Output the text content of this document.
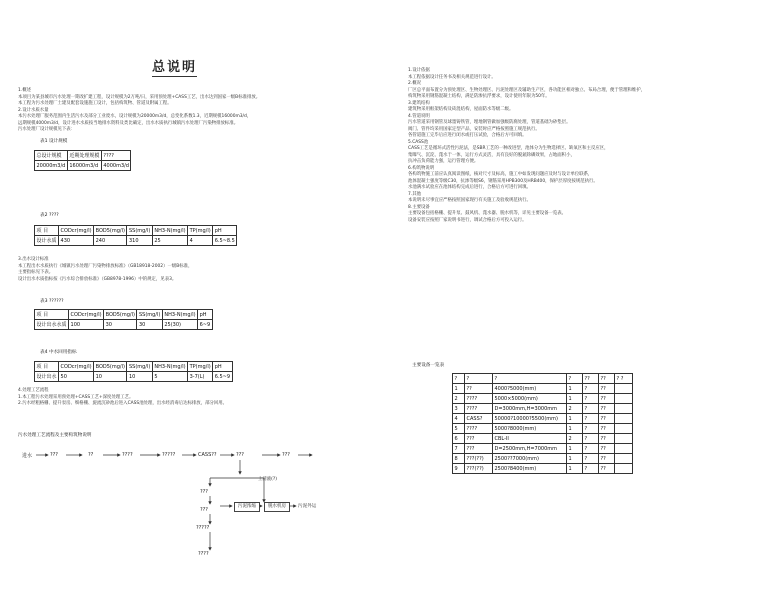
总说明
1.概述
本项目为某县城市污水处理一期改扩建工程，设计规模为2万吨/日，采用预处理+CASS工艺，出水达到国家一级B标准排放。
本工程为污水处理厂土建及配套设施施工设计，包括构筑物、管道及附属工程。
2.设计水质水量
本污水处理厂服务范围内生活污水及部分工业废水，设计规模为20000m3/d，总变化系数1.3，近期规模16000m3/d，
远期规模4000m3/d，设计进水水质按当地排水资料及类比确定，出水水质执行城镇污水处理厂污染物排放标准。
污水处理厂设计规模见下表：
表1 设计规模
总设计规模	近期处理规模	????
20000m3/d	16000m3/d	4000m3/d
表2 ????
项 目	CODcr(mg/l)	BOD5(mg/l)	SS(mg/l)	NH3-N(mg/l)	TP(mg/l)	pH
设计水质	430	240	310	25	4	6.5~8.5
3.出水设计标准
本工程出水水质执行《城镇污水处理厂污染物排放标准》（GB18918-2002）一级B标准，
主要指标见下表。
设计出水水质指标按《污水综合排放标准》（GB8978-1996）中的规定，见表3。
表3 ??????
项 目	CODcr(mg/l)	BOD5(mg/l)	SS(mg/l)	NH3-N(mg/l)	pH
设计出水水质	100	30	30	25(30)	6~9
表4 中水回用指标
项 目	CODcr(mg/l)	BOD5(mg/l)	SS(mg/l)	NH3-N(mg/l)	TP(mg/l)	pH
设计出水	50	10	10	5	3-7(L)	6.5~9
4.处理工艺流程
1.本工程污水处理采用预处理+CASS工艺+深度处理工艺。
2.污水经粗格栅、提升泵房、细格栅、旋流沉砂池后进入CASS池处理，出水经消毒后达标排放，部分回用。
污水处理工艺流程及主要构筑物说明
进水	???	??	????	?????	CASS??	???	???
???
???
?????
????
上清液(?)
污泥浓缩	脱水机房	污泥外运
1.设计依据
本工程依据设计任务书及相关规范进行设计。
2.概况
厂区总平面布置分为预处理区、生物处理区、污泥处理区及辅助生产区，各功能区相对独立、布局合理，便于管理和维护，
构筑物采用钢筋混凝土结构，满足防渗抗浮要求，设计使用年限为50年。
3.建筑结构
建筑物采用框架结构及砖混结构，屋面防水等级二级。
4.管道说明
污水管道采用钢管及球墨铸铁管，埋地钢管做加强级防腐处理，管道基础为砂垫层。
阀门、管件均采用国家定型产品，安装时应严格按照施工规范执行。
各管道施工完毕后应进行闭水或打压试验，合格后方可回填。
5.CASS池
CASS工艺是循环式活性污泥法，是SBR工艺的一种改进型，池体分为生物选择区、缺氧区和主反应区，
集曝气、沉淀、滗水于一体，运行方式灵活，具有良好的脱氮除磷效果，占地面积小，
抗冲击负荷能力强，运行管理方便。
6.构筑物说明
各构筑物施工前应认真阅读图纸，核对尺寸及标高，施工中如发现问题应及时与设计单位联系，
池体混凝土强度等级C30，抗渗等级S6，钢筋采用HPB300及HRB400，保护层厚度按规范执行。
水池满水试验应在池体结构完成后进行，合格后方可进行回填。
7.其他
本说明未尽事宜应严格按照国家现行有关施工及验收规范执行。
8.主要设备
主要设备包括格栅、提升泵、鼓风机、滗水器、脱水机等，详见主要设备一览表。
设备安装应按照厂家说明书进行，调试合格后方可投入运行。
主要设备一览表
?	?	?	?	??	??	? ?
1	??	4000?5000(mm)	1	?	??	
2	????	5000×5000(mm)	1	?	??	
3	????	D=3000mm,H=3000mm	2	?	??	
4	CASS?	50000?10000?5500(mm)	1	?	??	
5	????	5000?8000(mm)	1	?	??	
6	???	CBL-II	2	?	??	
7	???	D=2500mm,H=7000mm	1	?	??	
8	???(??)	2500??7000(mm)	1	?	??	
9	???(??)	2500?8400(mm)	1	?	??	
